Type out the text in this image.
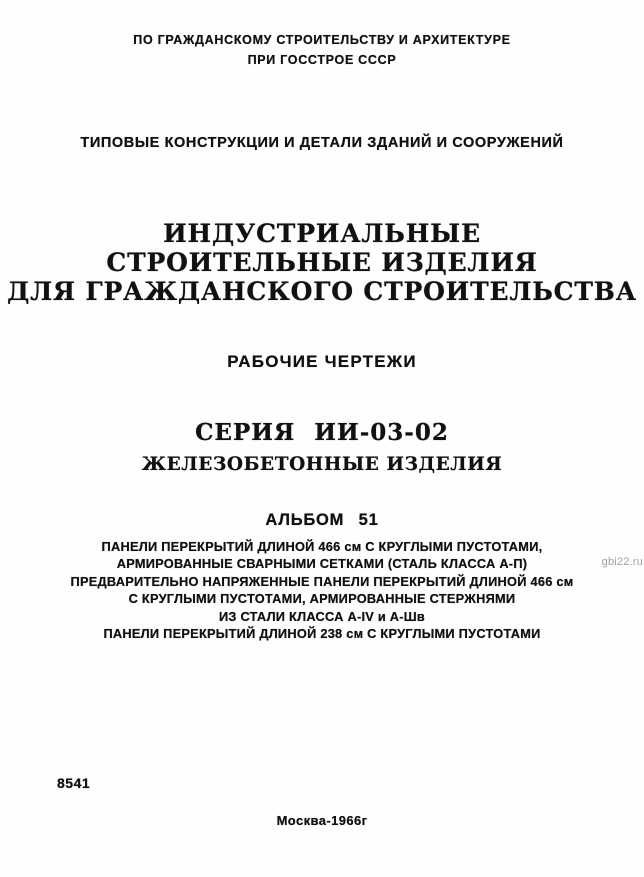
ПО ГРАЖДАНСКОМУ СТРОИТЕЛЬСТВУ И АРХИТЕКТУРЕ
ПРИ ГОССТРОЕ СССР
ТИПОВЫЕ КОНСТРУКЦИИ И ДЕТАЛИ ЗДАНИЙ И СООРУЖЕНИЙ
ИНДУСТРИАЛЬНЫЕ
СТРОИТЕЛЬНЫЕ ИЗДЕЛИЯ
ДЛЯ ГРАЖДАНСКОГО СТРОИТЕЛЬСТВА
РАБОЧИЕ ЧЕРТЕЖИ
СЕРИЯ ИИ-03-02
ЖЕЛЕЗОБЕТОННЫЕ ИЗДЕЛИЯ
АЛЬБОМ 51
ПАНЕЛИ ПЕРЕКРЫТИЙ ДЛИНОЙ 466 см С КРУГЛЫМИ ПУСТОТАМИ,
АРМИРОВАННЫЕ СВАРНЫМИ СЕТКАМИ (СТАЛЬ КЛАССА А-П)
ПРЕДВАРИТЕЛЬНО НАПРЯЖЕННЫЕ ПАНЕЛИ ПЕРЕКРЫТИЙ ДЛИНОЙ 466 см
С КРУГЛЫМИ ПУСТОТАМИ, АРМИРОВАННЫЕ СТЕРЖНЯМИ
ИЗ СТАЛИ КЛАССА А-IV и А-Шв
ПАНЕЛИ ПЕРЕКРЫТИЙ ДЛИНОЙ 238 см С КРУГЛЫМИ ПУСТОТАМИ
8541
Москва-1966г
gbi22.ru
